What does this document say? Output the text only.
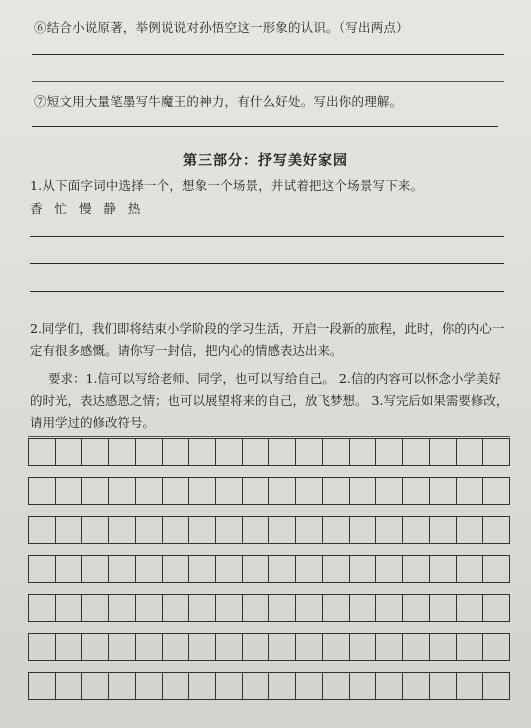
⑥结合小说原著，举例说说对孙悟空这一形象的认识。（写出两点）
⑦短文用大量笔墨写牛魔王的神力，有什么好处。写出你的理解。
第三部分：抒写美好家园
1.从下面字词中选择一个，想象一个场景，并试着把这个场景写下来。
香 忙 慢 静 热
2.同学们，我们即将结束小学阶段的学习生活，开启一段新的旅程，此时，你的内心一
定有很多感慨。请你写一封信，把内心的情感表达出来。
要求：1.信可以写给老师、同学，也可以写给自己。 2.信的内容可以怀念小学美好
的时光，表达感恩之情；也可以展望将来的自己，放飞梦想。 3.写完后如果需要修改，
请用学过的修改符号。
